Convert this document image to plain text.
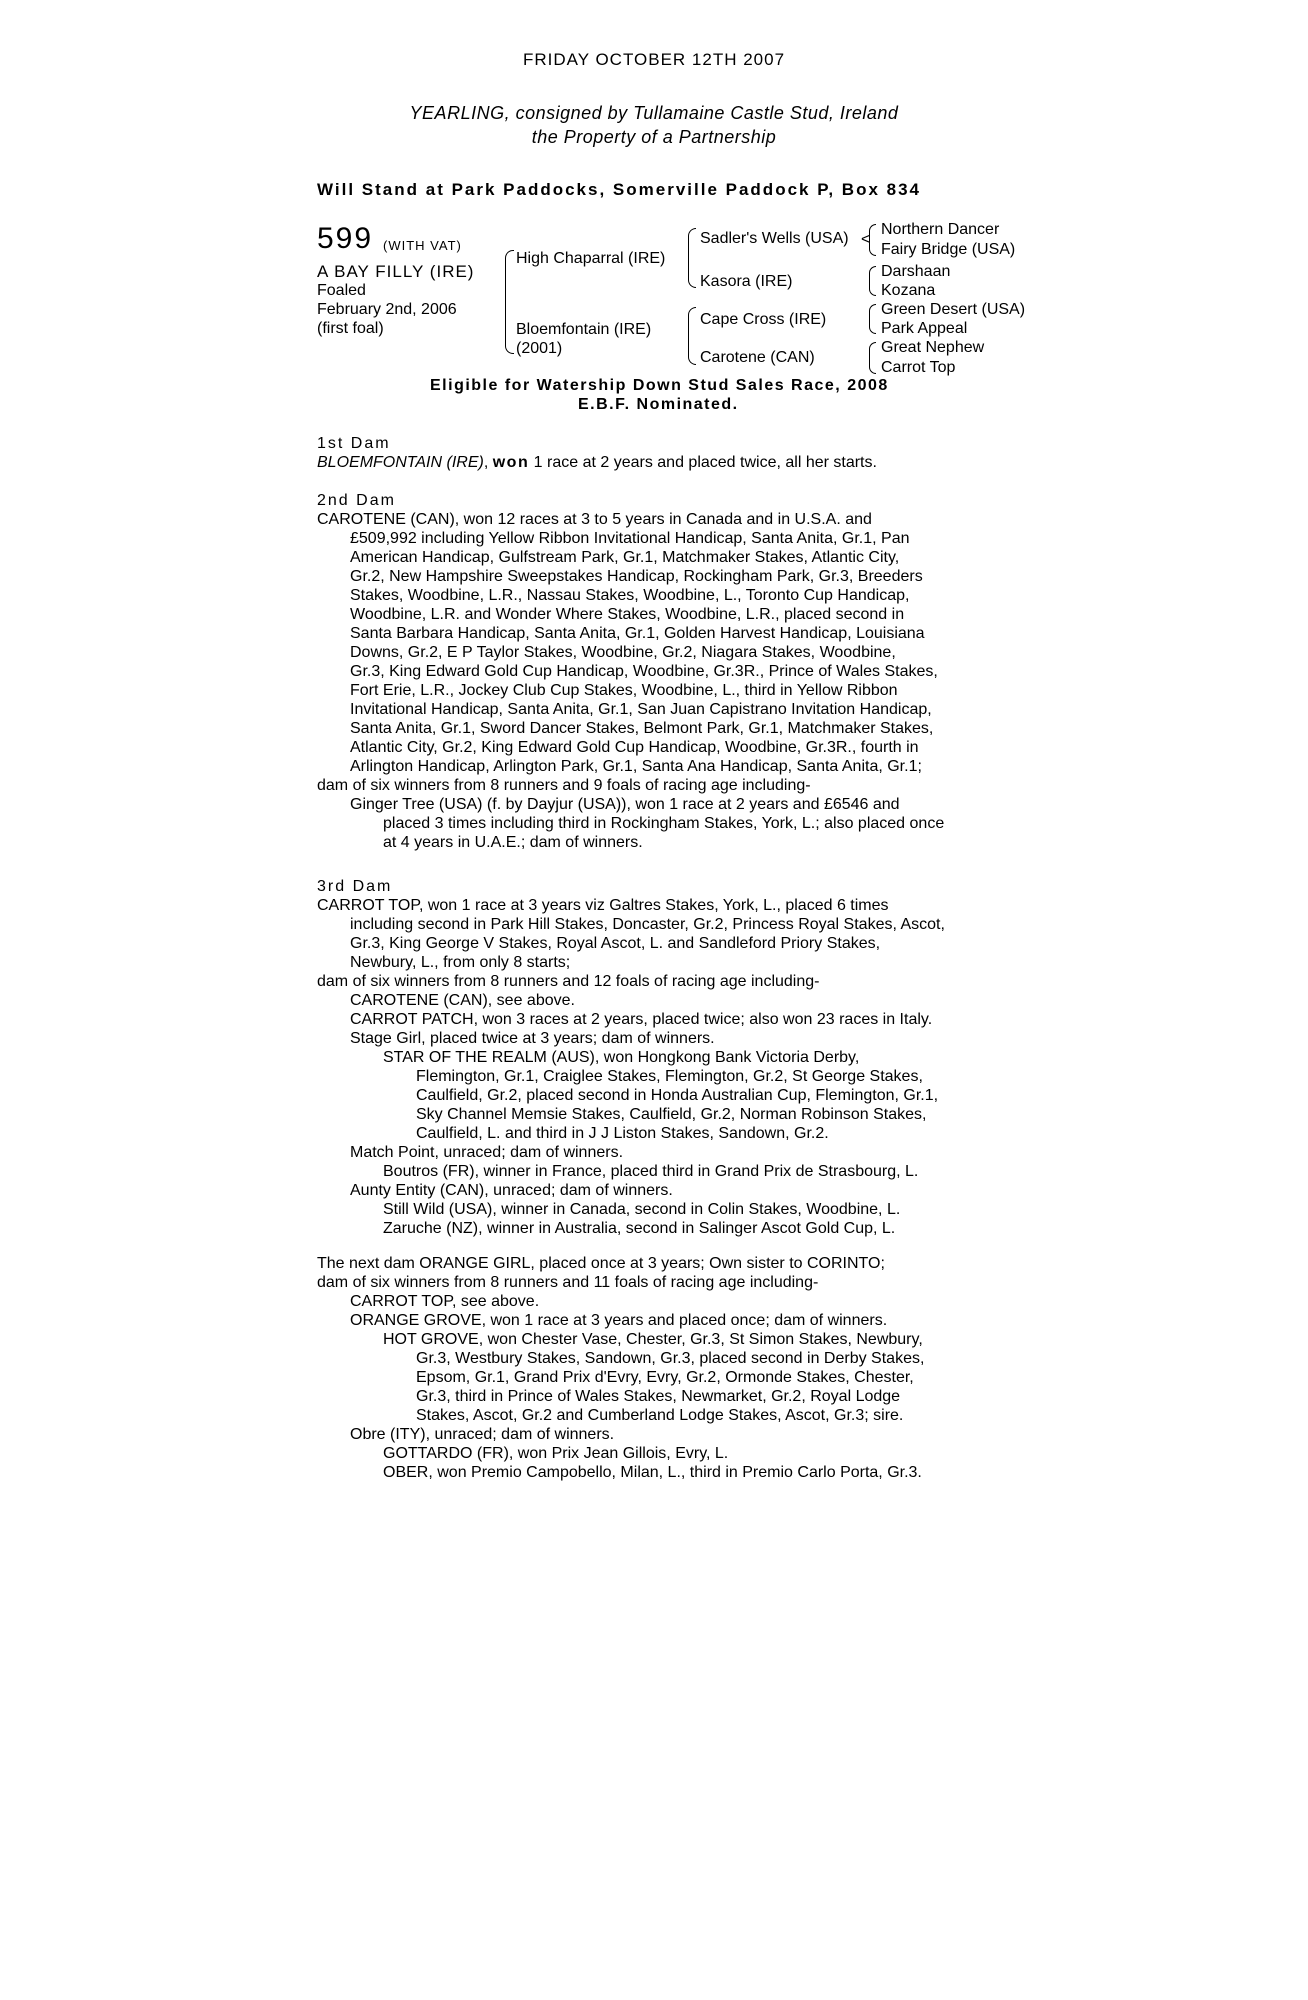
FRIDAY OCTOBER 12TH 2007
YEARLING, consigned by Tullamaine Castle Stud, Ireland
the Property of a Partnership
Will Stand at Park Paddocks, Somerville Paddock P, Box 834
599 (WITH VAT)
A BAY FILLY (IRE)
Foaled
February 2nd, 2006
(first foal)
<
High Chaparral (IRE)
Bloemfontain (IRE)
(2001)
Sadler's Wells (USA)
Kasora (IRE)
Cape Cross (IRE)
Carotene (CAN)
Northern Dancer
Fairy Bridge (USA)
Darshaan
Kozana
Green Desert (USA)
Park Appeal
Great Nephew
Carrot Top
Eligible for Watership Down Stud Sales Race, 2008
E.B.F. Nominated.
1st Dam
BLOEMFONTAIN (IRE), won 1 race at 2 years and placed twice, all her starts.
2nd Dam
CAROTENE (CAN), won 12 races at 3 to 5 years in Canada and in U.S.A. and
£509,992 including Yellow Ribbon Invitational Handicap, Santa Anita, Gr.1, Pan
American Handicap, Gulfstream Park, Gr.1, Matchmaker Stakes, Atlantic City,
Gr.2, New Hampshire Sweepstakes Handicap, Rockingham Park, Gr.3, Breeders
Stakes, Woodbine, L.R., Nassau Stakes, Woodbine, L., Toronto Cup Handicap,
Woodbine, L.R. and Wonder Where Stakes, Woodbine, L.R., placed second in
Santa Barbara Handicap, Santa Anita, Gr.1, Golden Harvest Handicap, Louisiana
Downs, Gr.2, E P Taylor Stakes, Woodbine, Gr.2, Niagara Stakes, Woodbine,
Gr.3, King Edward Gold Cup Handicap, Woodbine, Gr.3R., Prince of Wales Stakes,
Fort Erie, L.R., Jockey Club Cup Stakes, Woodbine, L., third in Yellow Ribbon
Invitational Handicap, Santa Anita, Gr.1, San Juan Capistrano Invitation Handicap,
Santa Anita, Gr.1, Sword Dancer Stakes, Belmont Park, Gr.1, Matchmaker Stakes,
Atlantic City, Gr.2, King Edward Gold Cup Handicap, Woodbine, Gr.3R., fourth in
Arlington Handicap, Arlington Park, Gr.1, Santa Ana Handicap, Santa Anita, Gr.1;
dam of six winners from 8 runners and 9 foals of racing age including-
Ginger Tree (USA) (f. by Dayjur (USA)), won 1 race at 2 years and £6546 and
placed 3 times including third in Rockingham Stakes, York, L.; also placed once
at 4 years in U.A.E.; dam of winners.
3rd Dam
CARROT TOP, won 1 race at 3 years viz Galtres Stakes, York, L., placed 6 times
including second in Park Hill Stakes, Doncaster, Gr.2, Princess Royal Stakes, Ascot,
Gr.3, King George V Stakes, Royal Ascot, L. and Sandleford Priory Stakes,
Newbury, L., from only 8 starts;
dam of six winners from 8 runners and 12 foals of racing age including-
CAROTENE (CAN), see above.
CARROT PATCH, won 3 races at 2 years, placed twice; also won 23 races in Italy.
Stage Girl, placed twice at 3 years; dam of winners.
STAR OF THE REALM (AUS), won Hongkong Bank Victoria Derby,
Flemington, Gr.1, Craiglee Stakes, Flemington, Gr.2, St George Stakes,
Caulfield, Gr.2, placed second in Honda Australian Cup, Flemington, Gr.1,
Sky Channel Memsie Stakes, Caulfield, Gr.2, Norman Robinson Stakes,
Caulfield, L. and third in J J Liston Stakes, Sandown, Gr.2.
Match Point, unraced; dam of winners.
Boutros (FR), winner in France, placed third in Grand Prix de Strasbourg, L.
Aunty Entity (CAN), unraced; dam of winners.
Still Wild (USA), winner in Canada, second in Colin Stakes, Woodbine, L.
Zaruche (NZ), winner in Australia, second in Salinger Ascot Gold Cup, L.
The next dam ORANGE GIRL, placed once at 3 years; Own sister to CORINTO;
dam of six winners from 8 runners and 11 foals of racing age including-
CARROT TOP, see above.
ORANGE GROVE, won 1 race at 3 years and placed once; dam of winners.
HOT GROVE, won Chester Vase, Chester, Gr.3, St Simon Stakes, Newbury,
Gr.3, Westbury Stakes, Sandown, Gr.3, placed second in Derby Stakes,
Epsom, Gr.1, Grand Prix d'Evry, Evry, Gr.2, Ormonde Stakes, Chester,
Gr.3, third in Prince of Wales Stakes, Newmarket, Gr.2, Royal Lodge
Stakes, Ascot, Gr.2 and Cumberland Lodge Stakes, Ascot, Gr.3; sire.
Obre (ITY), unraced; dam of winners.
GOTTARDO (FR), won Prix Jean Gillois, Evry, L.
OBER, won Premio Campobello, Milan, L., third in Premio Carlo Porta, Gr.3.
